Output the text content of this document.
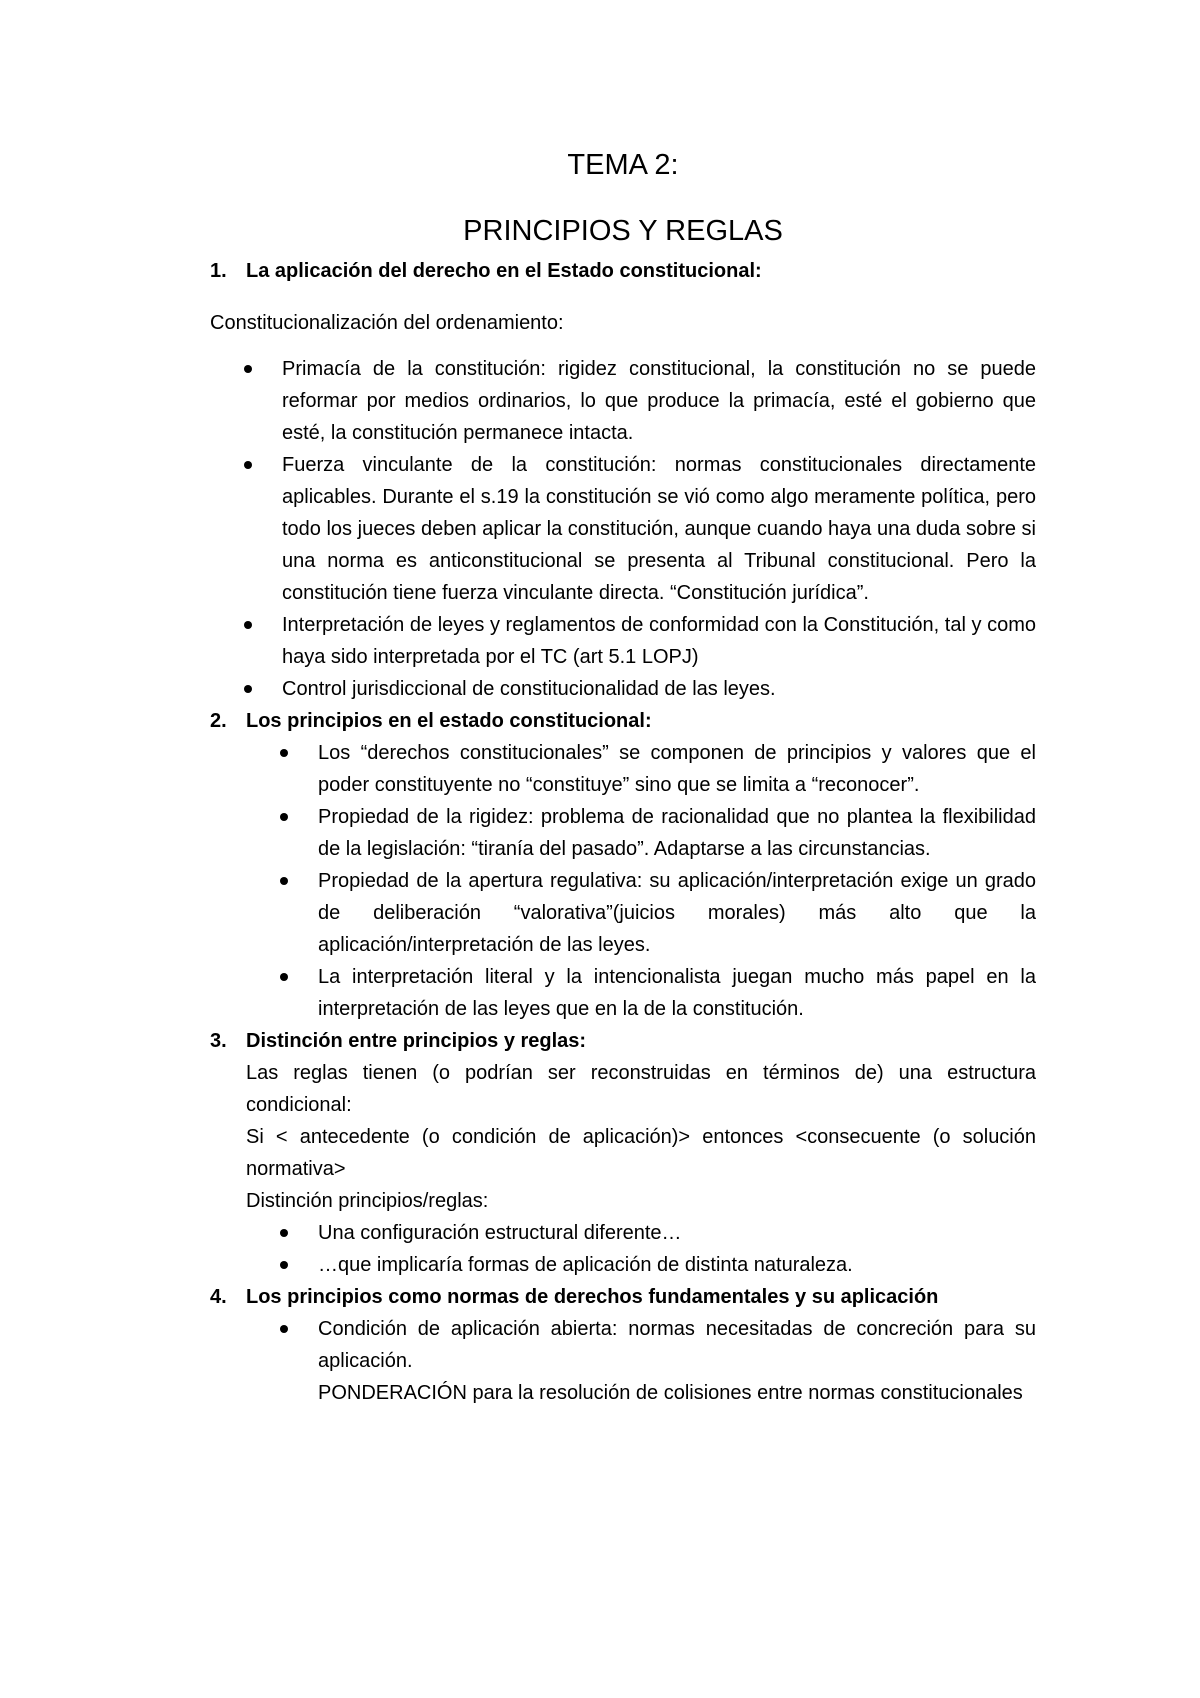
TEMA 2:
PRINCIPIOS Y REGLAS
1. La aplicación del derecho en el Estado constitucional:
Constitucionalización del ordenamiento:
Primacía de la constitución: rigidez constitucional, la constitución no se puede reformar por medios ordinarios, lo que produce la primacía, esté el gobierno que esté, la constitución permanece intacta.
Fuerza vinculante de la constitución: normas constitucionales directamente aplicables. Durante el s.19 la constitución se vió como algo meramente política, pero todo los jueces deben aplicar la constitución, aunque cuando haya una duda sobre si una norma es anticonstitucional se presenta al Tribunal constitucional. Pero la constitución tiene fuerza vinculante directa. “Constitución jurídica”.
Interpretación de leyes y reglamentos de conformidad con la Constitución, tal y como haya sido interpretada por el TC (art 5.1 LOPJ)
Control jurisdiccional de constitucionalidad de las leyes.
2. Los principios en el estado constitucional:
Los “derechos constitucionales” se componen de principios y valores que el poder constituyente no “constituye” sino que se limita a “reconocer”.
Propiedad de la rigidez: problema de racionalidad que no plantea la flexibilidad de la legislación: “tiranía del pasado”. Adaptarse a las circunstancias.
Propiedad de la apertura regulativa: su aplicación/interpretación exige un grado de deliberación “valorativa”(juicios morales) más alto que la aplicación/interpretación de las leyes.
La interpretación literal y la intencionalista juegan mucho más papel en la interpretación de las leyes que en la de la constitución.
3. Distinción entre principios y reglas:
Las reglas tienen (o podrían ser reconstruidas en términos de) una estructura condicional:
Si < antecedente (o condición de aplicación)> entonces <consecuente (o solución normativa>
Distinción principios/reglas:
Una configuración estructural diferente…
…que implicaría formas de aplicación de distinta naturaleza.
4. Los principios como normas de derechos fundamentales y su aplicación
Condición de aplicación abierta: normas necesitadas de concreción para su aplicación.
PONDERACIÓN para la resolución de colisiones entre normas constitucionales
